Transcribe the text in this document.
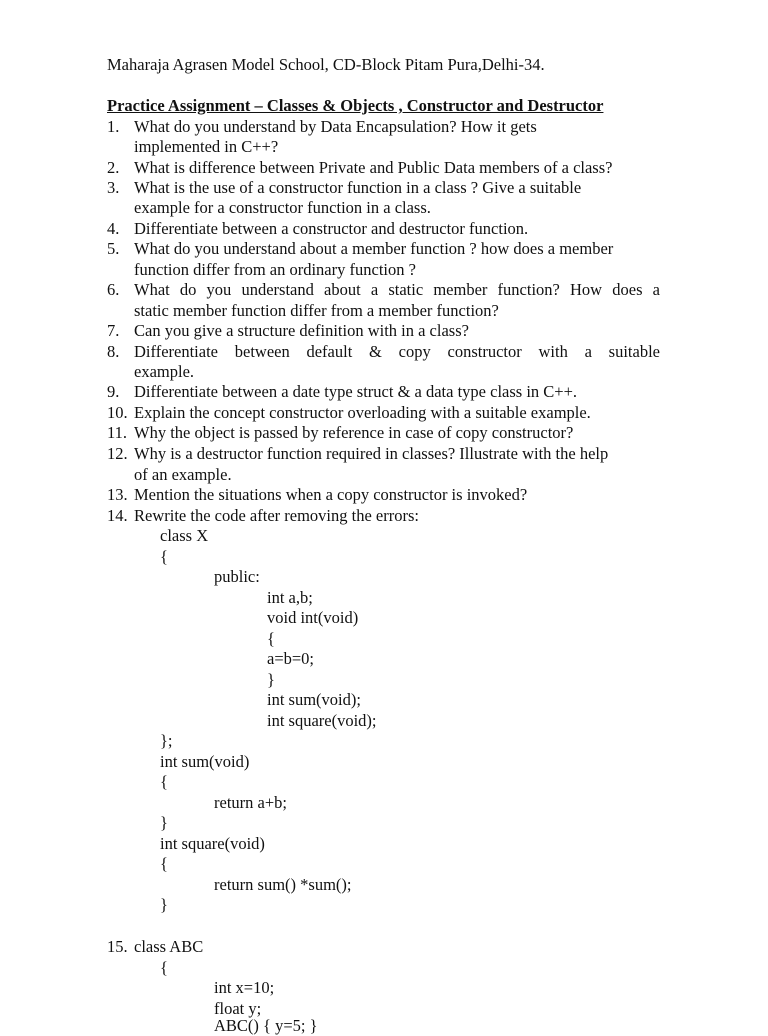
Maharaja Agrasen Model School, CD-Block Pitam Pura,Delhi-34.
Practice Assignment – Classes & Objects , Constructor and Destructor
1. What do you understand by Data Encapsulation? How it gets
implemented in C++?
2. What is difference between Private and Public Data members of a class?
3. What is the use of a constructor function in a class ? Give a suitable
example for a constructor function in a class.
4. Differentiate between a constructor and destructor function.
5. What do you understand about a member function ? how does a member
function differ from an ordinary function ?
6. What do you understand about a static member function? How does a
static member function differ from a member function?
7. Can you give a structure definition with in a class?
8. Differentiate between default & copy constructor with a suitable
example.
9. Differentiate between a date type struct & a data type class in C++.
10. Explain the concept constructor overloading with a suitable example.
11. Why the object is passed by reference in case of copy constructor?
12. Why is a destructor function required in classes? Illustrate with the help
of an example.
13. Mention the situations when a copy constructor is invoked?
14. Rewrite the code after removing the errors:
class X
{
public:
int a,b;
void int(void)
{
a=b=0;
}
int sum(void);
int square(void);
};
int sum(void)
{
return a+b;
}
int square(void)
{
return sum() *sum();
}
15. class ABC
{
int x=10;
float y;
ABC() { y=5; }
